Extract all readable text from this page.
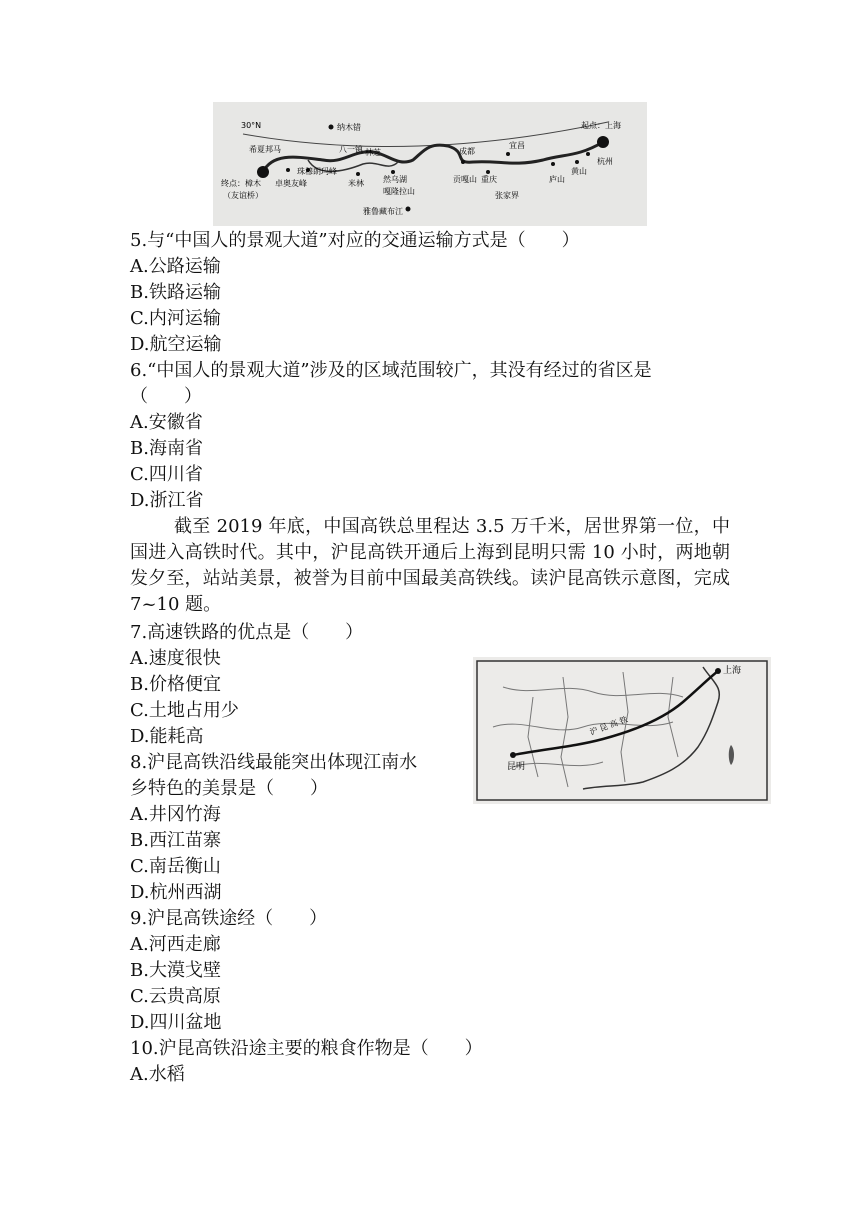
30°N	纳木错	起点：上海
希夏邦马	八一镇 林芝	成都
宜昌
杭州
终点：樟木
（友谊桥）
卓奥友峰
珠穆朗玛峰
米林 然乌湖
嘎隆拉山
贡嘎山 重庆	庐山
黄山
张家界
雅鲁藏布江
5.与“中国人的景观大道”对应的交通运输方式是（　　）
A.公路运输
B.铁路运输
C.内河运输
D.航空运输
6.“中国人的景观大道”涉及的区域范围较广，其没有经过的省区是
（　　）
A.安徽省
B.海南省
C.四川省
D.浙江省
截至 2019 年底，中国高铁总里程达 3.5 万千米，居世界第一位，中国进入高铁时代。其中，沪昆高铁开通后上海到昆明只需 10 小时，两地朝发夕至，站站美景，被誉为目前中国最美高铁线。读沪昆高铁示意图，完成 7~10 题。
7.高速铁路的优点是（　　）
A.速度很快
B.价格便宜
C.土地占用少
D.能耗高
上海
昆明
沪 昆 高 铁
8.沪昆高铁沿线最能突出体现江南水
乡特色的美景是（　　）
A.井冈竹海
B.西江苗寨
C.南岳衡山
D.杭州西湖
9.沪昆高铁途经（　　）
A.河西走廊
B.大漠戈壁
C.云贵高原
D.四川盆地
10.沪昆高铁沿途主要的粮食作物是（　　）
A.水稻
